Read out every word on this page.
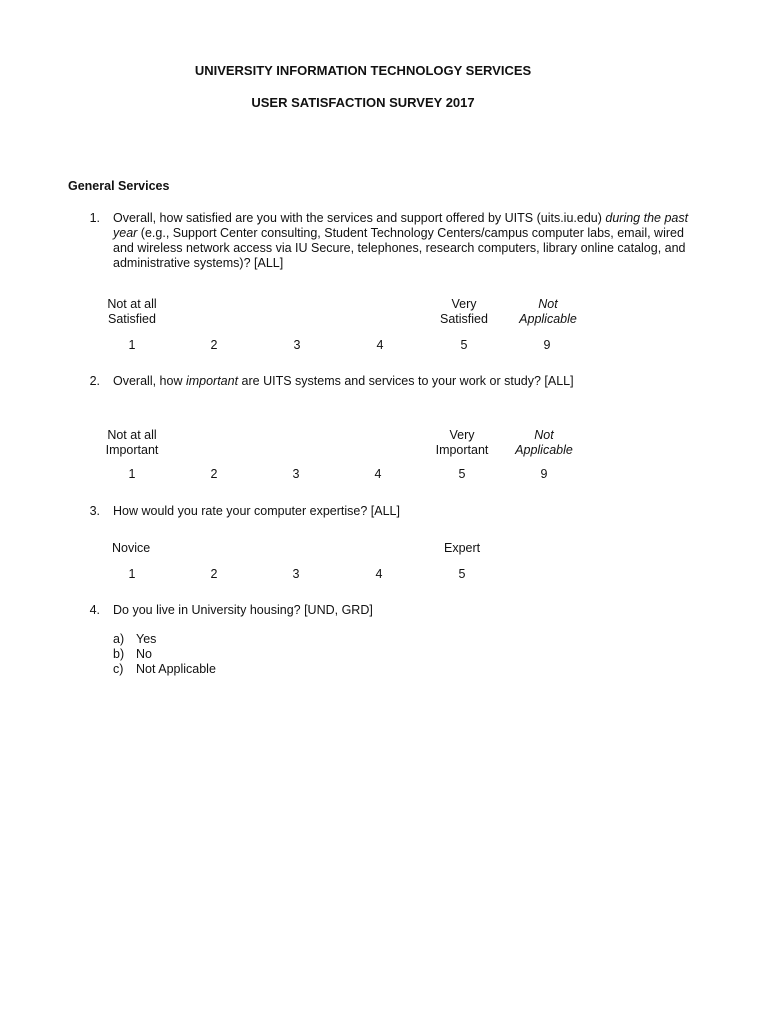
UNIVERSITY INFORMATION TECHNOLOGY SERVICES
USER SATISFACTION SURVEY 2017
General Services
1. Overall, how satisfied are you with the services and support offered by UITS (uits.iu.edu) during the past year (e.g., Support Center consulting, Student Technology Centers/campus computer labs, email, wired and wireless network access via IU Secure, telephones, research computers, library online catalog, and administrative systems)? [ALL]
Not at all
Satisfied
Very
Satisfied
Not
Applicable
1	2	3	4	5	9
2. Overall, how important are UITS systems and services to your work or study? [ALL]
Not at all
Important
Very
Important
Not
Applicable
1	2	3	4	5	9
3. How would you rate your computer expertise? [ALL]
Novice	Expert
1	2	3	4	5
4. Do you live in University housing? [UND, GRD]
a) Yes
b) No
c)	Not Applicable
